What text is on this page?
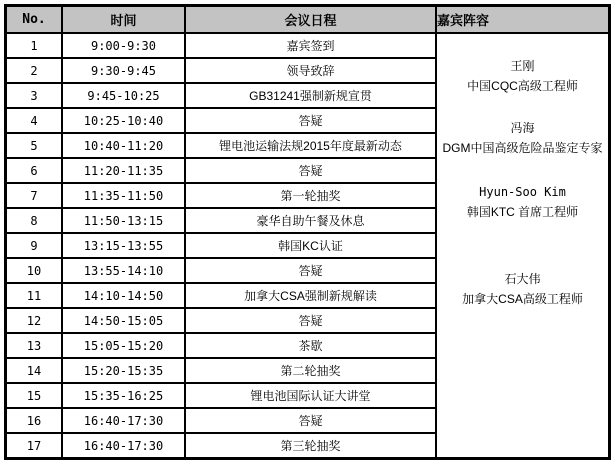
No.	时间	会议日程	嘉宾阵容
1	9:00-9:30	嘉宾签到	
王刚
中国CQC高级工程师
冯海
DGM中国高级危险品鉴定专家
Hyun-Soo Kim
韩国KTC 首席工程师
石大伟
加拿大CSA高级工程师

2	9:30-9:45	领导致辞	
3	9:45-10:25	GB31241强制新规宣贯	
4	10:25-10:40	答疑	
5	10:40-11:20	锂电池运输法规2015年度最新动态	
6	11:20-11:35	答疑	
7	11:35-11:50	第一轮抽奖	
8	11:50-13:15	豪华自助午餐及休息	
9	13:15-13:55	韩国KC认证	
10	13:55-14:10	答疑	
11	14:10-14:50	加拿大CSA强制新规解读	
12	14:50-15:05	答疑	
13	15:05-15:20	茶歇	
14	15:20-15:35	第二轮抽奖	
15	15:35-16:25	锂电池国际认证大讲堂	
16	16:40-17:30	答疑	
17	16:40-17:30	第三轮抽奖	
